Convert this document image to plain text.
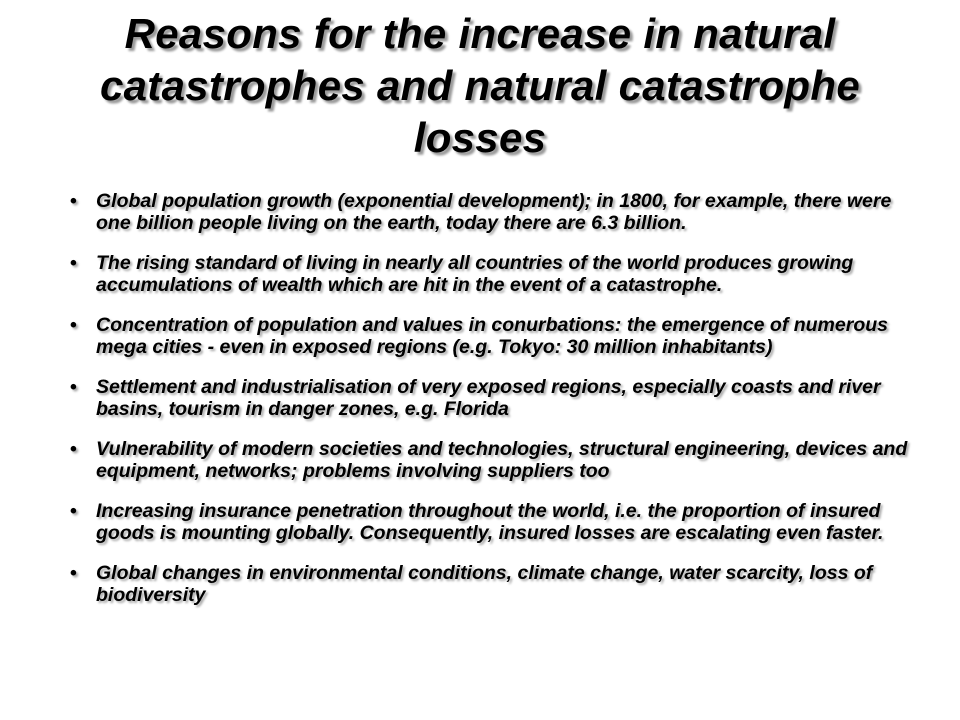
Reasons for the increase in natural catastrophes and natural catastrophe losses
• Global population growth (exponential development); in 1800, for example, there were one billion people living on the earth, today there are 6.3 billion.
• The rising standard of living in nearly all countries of the world produces growing accumulations of wealth which are hit in the event of a catastrophe.
• Concentration of population and values in conurbations: the emergence of numerous mega cities - even in exposed regions (e.g. Tokyo: 30 million inhabitants)
• Settlement and industrialisation of very exposed regions, especially coasts and river basins, tourism in danger zones, e.g. Florida
• Vulnerability of modern societies and technologies, structural engineering, devices and equipment, networks; problems involving suppliers too
• Increasing insurance penetration throughout the world, i.e. the proportion of insured goods is mounting globally. Consequently, insured losses are escalating even faster.
• Global changes in environmental conditions, climate change, water scarcity, loss of biodiversity
